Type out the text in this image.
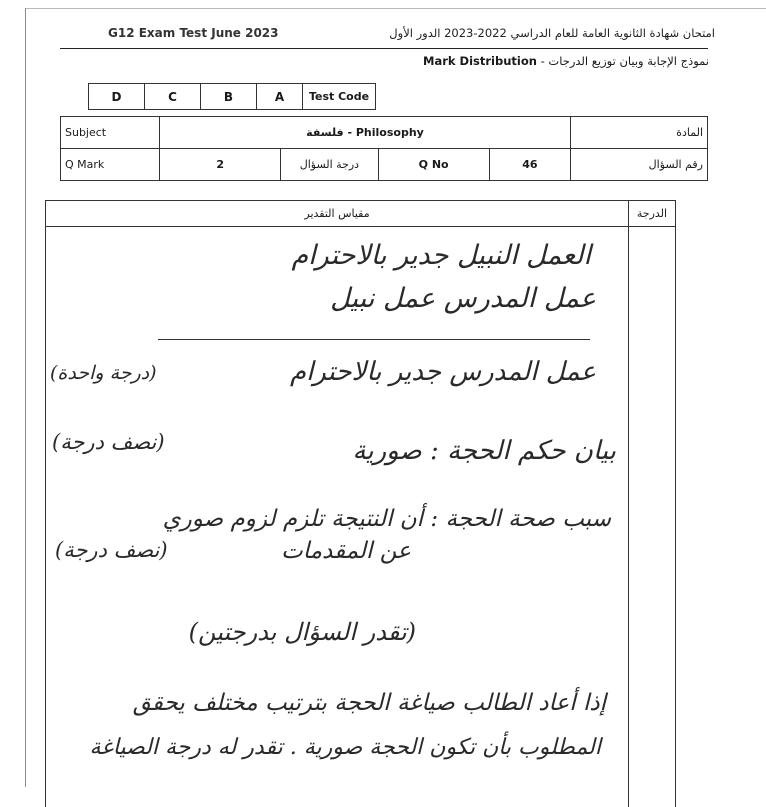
G12 Exam Test June 2023	امتحان شهادة الثانوية العامة للعام الدراسي 2022-2023 الدور الأول
نموذج الإجابة وبيان توزيع الدرجات - Mark Distribution
D	C	B	A	Test Code
Subject	فلسفة - Philosophy				المادة
Q Mark	2	درجة السؤال	Q No	46	رقم السؤال
مقياس التقدير	الدرجة

العمل النبيل جدير بالاحترام
عمل المدرس عمل نبيل
عمل المدرس جدير بالاحترام
(درجة واحدة)
بيان حكم الحجة : صورية
(نصف درجة)
سبب صحة الحجة : أن النتيجة تلزم لزوم صوري
عن المقدمات
(نصف درجة)
(تقدر السؤال بدرجتين)
إذا أعاد الطالب صياغة الحجة بترتيب مختلف يحقق
المطلوب بأن تكون الحجة صورية . تقدر له درجة الصياغة
